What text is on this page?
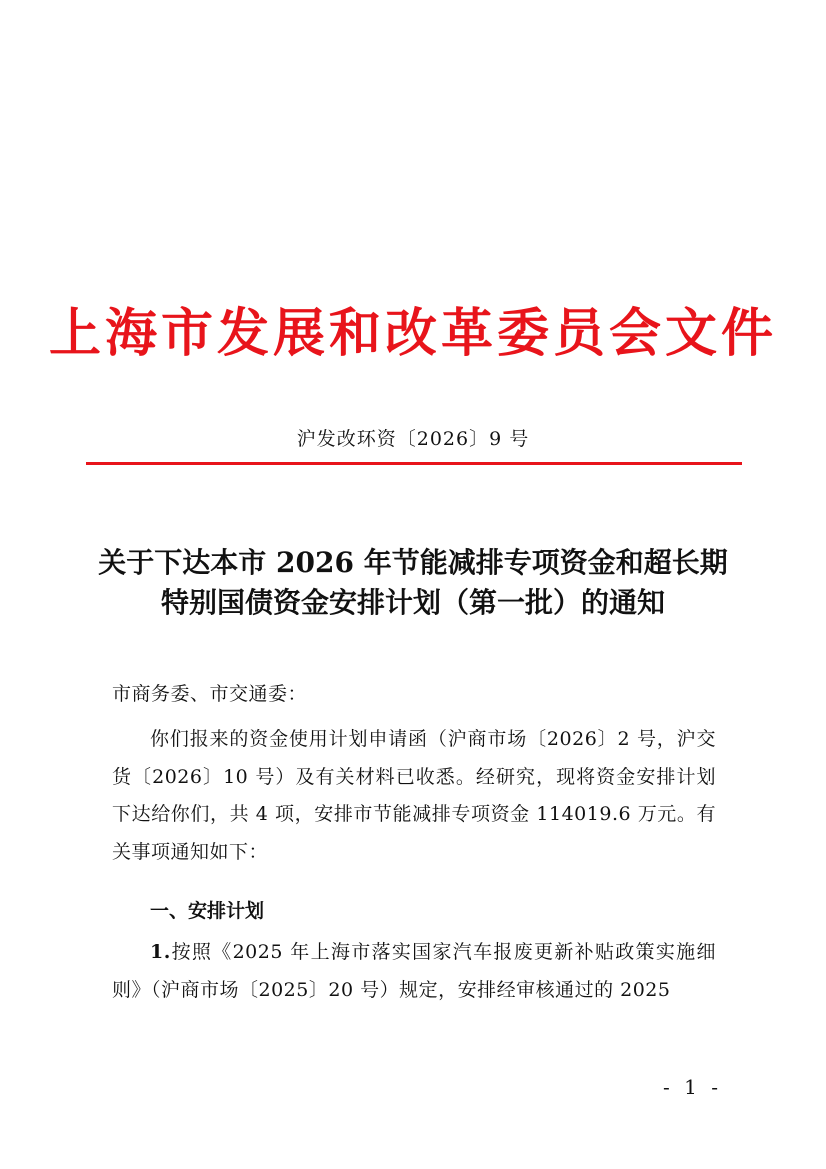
上海市发展和改革委员会文件
沪发改环资〔2026〕9 号
关于下达本市 2026 年节能减排专项资金和超长期
特别国债资金安排计划（第一批）的通知
市商务委、市交通委：
你们报来的资金使用计划申请函（沪商市场〔2026〕2 号，沪交货〔2026〕10 号）及有关材料已收悉。经研究，现将资金安排计划下达给你们，共 4 项，安排市节能减排专项资金 114019.6 万元。有关事项通知如下：
一、安排计划
1.按照《2025 年上海市落实国家汽车报废更新补贴政策实施细则》（沪商市场〔2025〕20 号）规定，安排经审核通过的 2025
- 1 -
